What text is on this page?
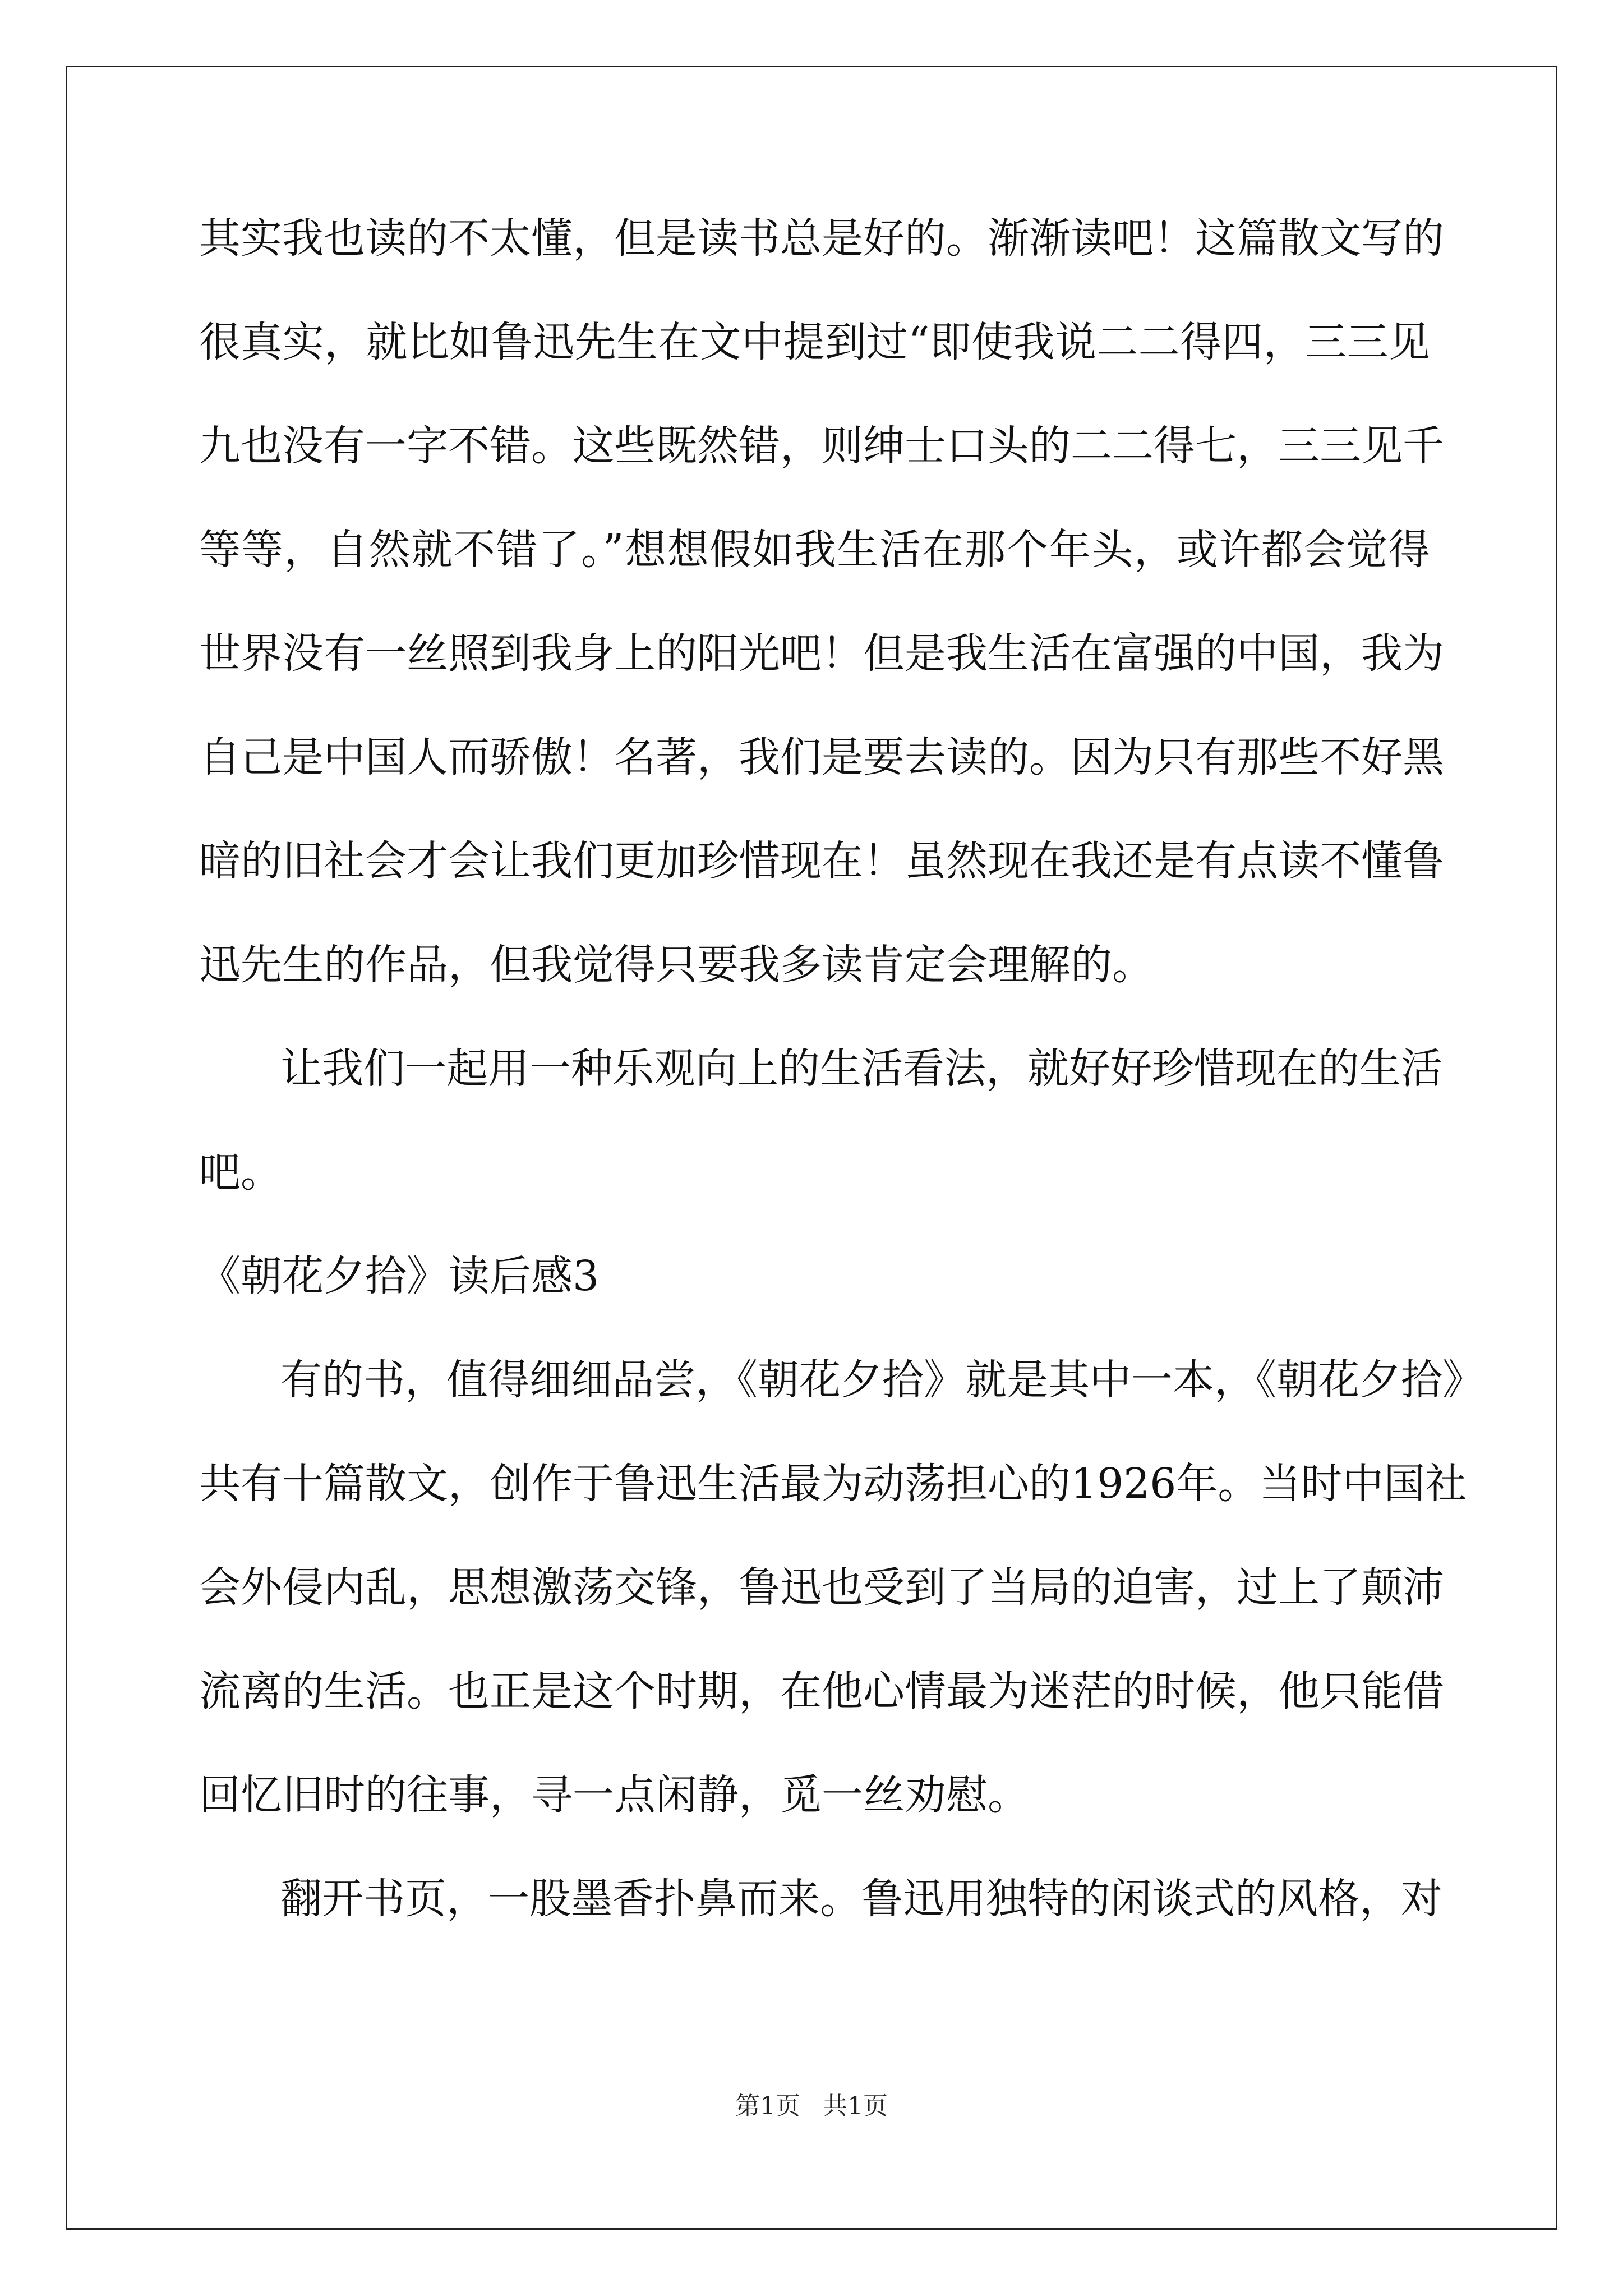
其实我也读的不太懂，但是读书总是好的。渐渐读吧！这篇散文写的
很真实，就比如鲁迅先生在文中提到过“即使我说二二得四，三三见
九也没有一字不错。这些既然错，则绅士口头的二二得七，三三见千
等等，自然就不错了。”想想假如我生活在那个年头，或许都会觉得
世界没有一丝照到我身上的阳光吧！但是我生活在富强的中国，我为
自己是中国人而骄傲！名著，我们是要去读的。因为只有那些不好黑
暗的旧社会才会让我们更加珍惜现在！虽然现在我还是有点读不懂鲁
迅先生的作品，但我觉得只要我多读肯定会理解的。
让我们一起用一种乐观向上的生活看法，就好好珍惜现在的生活
吧。
《朝花夕拾》读后感3
有的书，值得细细品尝，《朝花夕拾》就是其中一本，《朝花夕拾》
共有十篇散文，创作于鲁迅生活最为动荡担心的1926年。当时中国社
会外侵内乱，思想激荡交锋，鲁迅也受到了当局的迫害，过上了颠沛
流离的生活。也正是这个时期，在他心情最为迷茫的时候，他只能借
回忆旧时的往事，寻一点闲静，觅一丝劝慰。
翻开书页，一股墨香扑鼻而来。鲁迅用独特的闲谈式的风格，对
第1页 共1页
